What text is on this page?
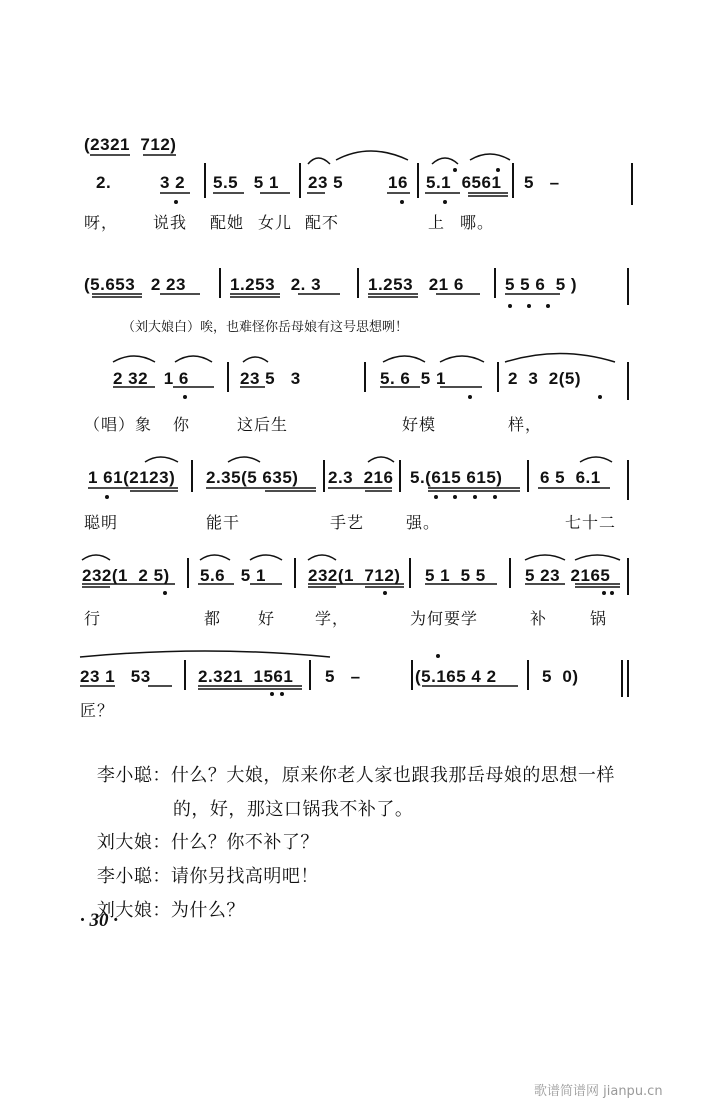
(2321  712)
2.	3 2 5.5   5 1 23 5	16 5.1  6561 5   –
呀， 说我 配她 女儿 配不	上 哪。
(5.653   2 23	1.253   2. 3	1.253   21 6 5 5 6  5 )
（刘大娘白）唉，也难怪你岳母娘有这号思想咧！
2 32   1 6	23 5   3	5. 6  5 1	2  3  2(5)
（唱）象 你	这后生	好模	样，
1 61(2123) 2.35(5 635) 2.3  216 5.(615 615) 6 5  6.1
聪明	能干	手艺	强。	七十二
232(1  2 5) 5.6   5 1 232(1  712) 5 1  5 5 5 23  2165
行	都 好 学，	为何要学	补	锅
23 1   53	2.321  1561 5   –	(5.165 4 2	5  0)
匠？

李小聪：什么？大娘，原来你老人家也跟我那岳母娘的思想一样

的，好，那这口锅我不补了。

刘大娘：什么？你不补了？

李小聪：请你另找高明吧！

刘大娘：为什么？

· 30 ·
歌谱简谱网 jianpu.cn
